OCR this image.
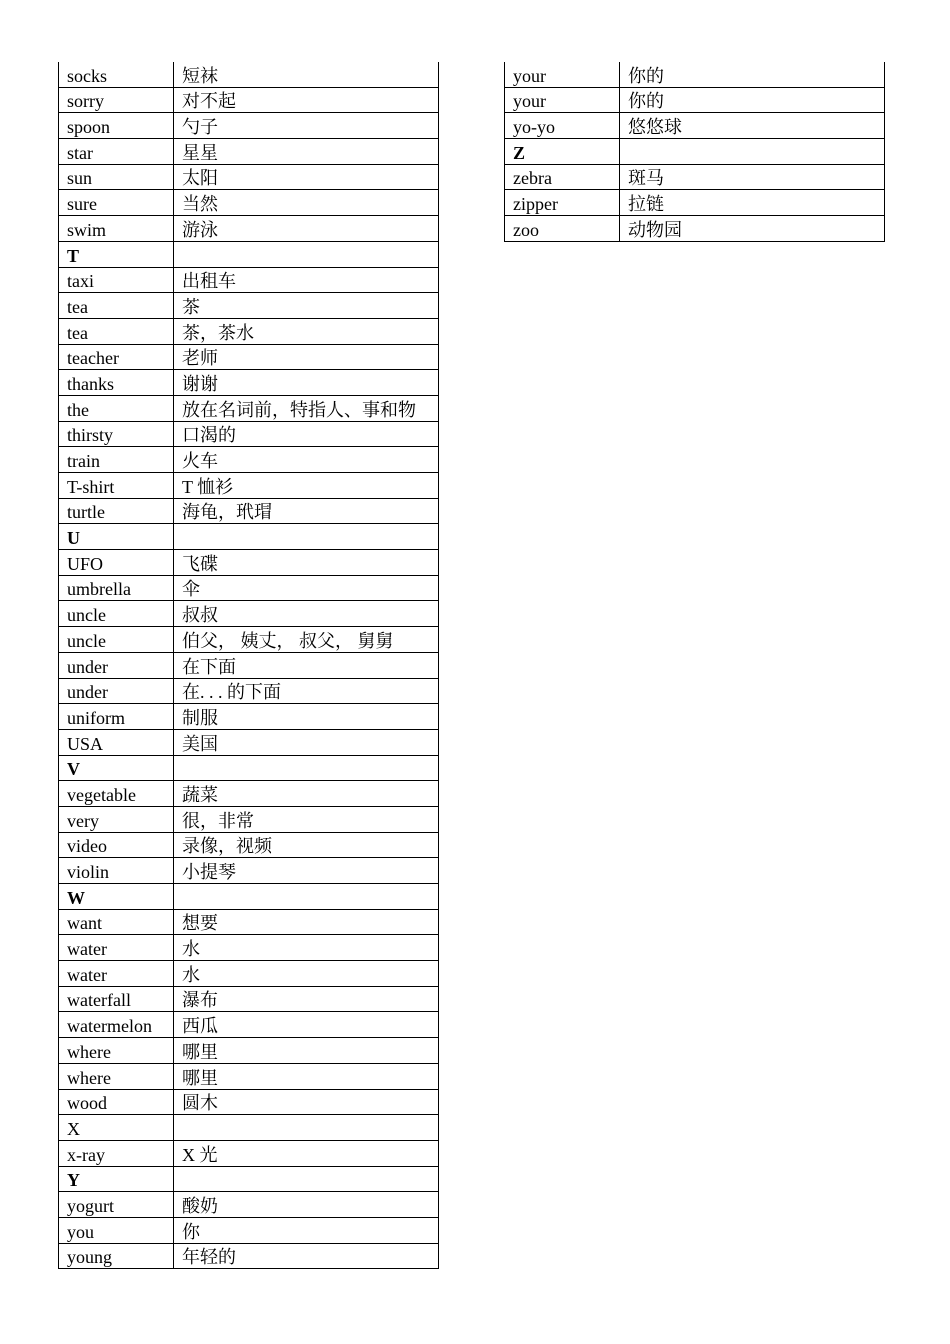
socks	短袜
sorry	对不起
spoon	勺子
star	星星
sun	太阳
sure	当然
swim	游泳
T	
taxi	出租车
tea	茶
tea	茶，茶水
teacher	老师
thanks	谢谢
the	放在名词前，特指人、事和物
thirsty	口渴的
train	火车
T-shirt	T 恤衫
turtle	海龟，玳瑁
U	
UFO	飞碟
umbrella	伞
uncle	叔叔
uncle	伯父， 姨丈， 叔父， 舅舅
under	在下面
under	在. . . 的下面
uniform	制服
USA	美国
V	
vegetable	蔬菜
very	很，非常
video	录像，视频
violin	小提琴
W	
want	想要
water	水
water	水
waterfall	瀑布
watermelon	西瓜
where	哪里
where	哪里
wood	圆木
X	
x-ray	X 光
Y	
yogurt	酸奶
you	你
young	年轻的
your	你的
your	你的
yo-yo	悠悠球
Z	
zebra	斑马
zipper	拉链
zoo	动物园
